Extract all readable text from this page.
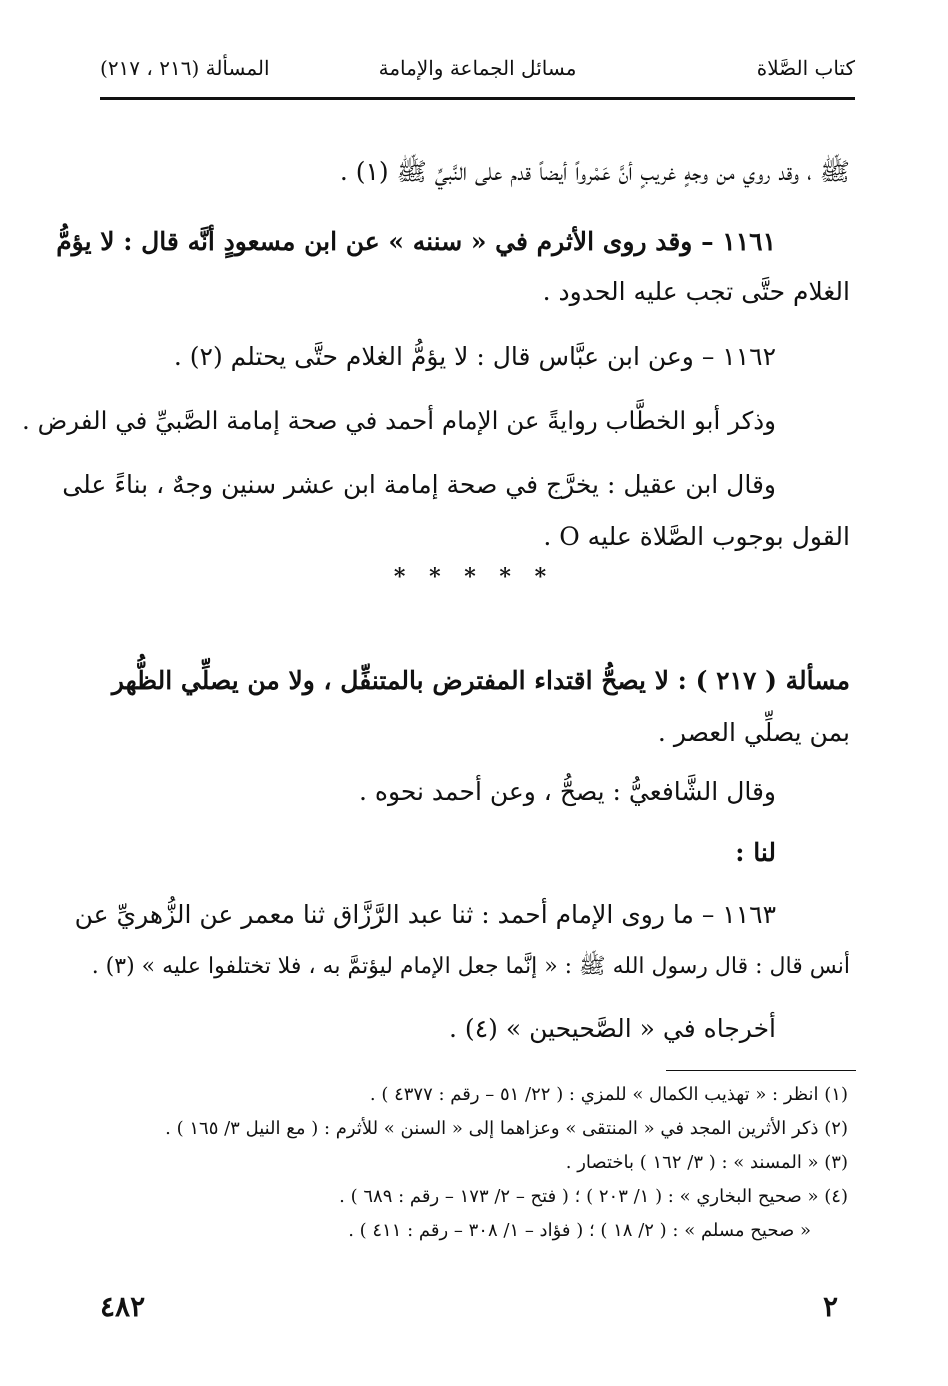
كتاب الصَّلاة
مسائل الجماعة والإمامة
المسألة (٢١٦ ، ٢١٧)
ﷺ ، وقد روي من وجهٍ غريبٍ أنَّ عَمْرواً أيضاً قدم على النَّبيِّ ﷺ (١) .
١١٦١ – وقد روى الأثرم في « سننه » عن ابن مسعودٍ أنَّه قال : لا يؤمُّ
الغلام حتَّى تجب عليه الحدود .
١١٦٢ – وعن ابن عبَّاس قال : لا يؤمُّ الغلام حتَّى يحتلم (٢) .
وذكر أبو الخطَّاب روايةً عن الإمام أحمد في صحة إمامة الصَّبيِّ في الفرض .
وقال ابن عقيل : يخرَّج في صحة إمامة ابن عشر سنين وجهٌ ، بناءً على
القول بوجوب الصَّلاة عليه O .
* * * * *
مسألة ( ٢١٧ ) : لا يصحُّ اقتداء المفترض بالمتنفِّل ، ولا من يصلِّي الظُّهر
بمن يصلِّي العصر .
وقال الشَّافعيُّ : يصحُّ ، وعن أحمد نحوه .
لنا :
١١٦٣ – ما روى الإمام أحمد : ثنا عبد الرَّزَّاق ثنا معمر عن الزُّهريِّ عن
أنس قال : قال رسول الله ﷺ : « إنَّما جعل الإمام ليؤتمَّ به ، فلا تختلفوا عليه » (٣) .
أخرجاه في « الصَّحيحين » (٤) .
(١) انظر : « تهذيب الكمال » للمزي : ( ٢٢/ ٥١ – رقم : ٤٣٧٧ ) .
(٢) ذكر الأثرين المجد في « المنتقى » وعزاهما إلى « السنن » للأثرم : ( مع النيل ٣/ ١٦٥ ) .
(٣) « المسند » : ( ٣/ ١٦٢ ) باختصار .
(٤) « صحيح البخاري » : ( ١/ ٢٠٣ ) ؛ ( فتح – ٢/ ١٧٣ – رقم : ٦٨٩ ) .
« صحيح مسلم » : ( ٢/ ١٨ ) ؛ ( فؤاد – ١/ ٣٠٨ – رقم : ٤١١ ) .
٤٨٢	٢
